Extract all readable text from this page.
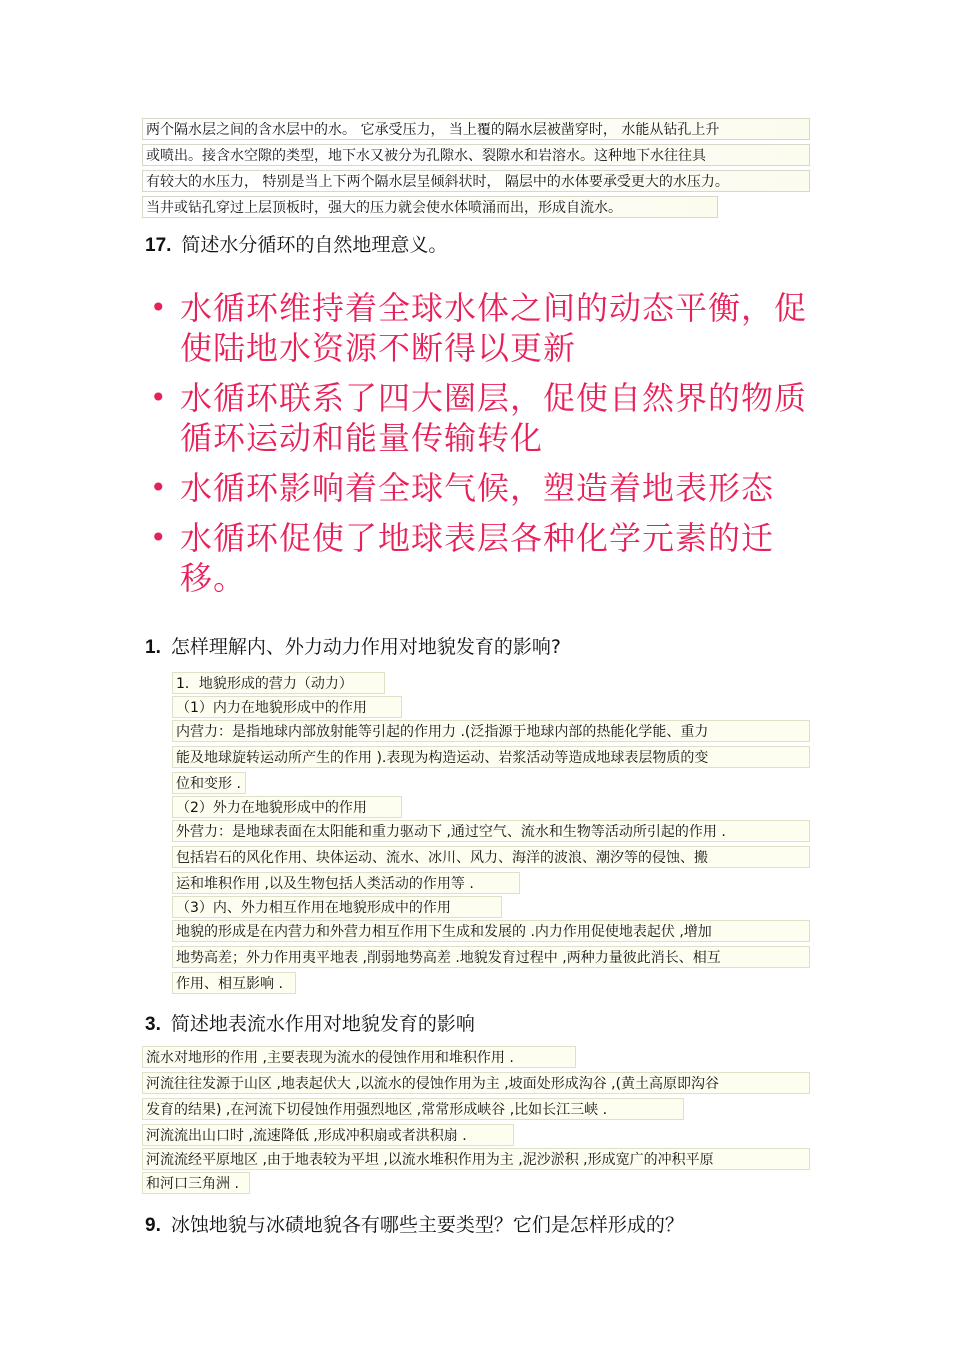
两个隔水层之间的含水层中的水。 它承受压力， 当上覆的隔水层被凿穿时， 水能从钻孔上升
或喷出。接含水空隙的类型，地下水又被分为孔隙水、裂隙水和岩溶水。这种地下水往往具
有较大的水压力， 特别是当上下两个隔水层呈倾斜状时， 隔层中的水体要承受更大的水压力。
当井或钻孔穿过上层顶板时，强大的压力就会使水体喷涌而出，形成自流水。
17. 简述水分循环的自然地理意义。
• 水循环维持着全球水体之间的动态平衡，促使陆地水资源不断得以更新
• 水循环联系了四大圈层，促使自然界的物质循环运动和能量传输转化
• 水循环影响着全球气候，塑造着地表形态
• 水循环促使了地球表层各种化学元素的迁移。
1. 怎样理解内、外力动力作用对地貌发育的影响?
1．地貌形成的营力（动力）
（1）内力在地貌形成中的作用
内营力：是指地球内部放射能等引起的作用力 .(泛指源于地球内部的热能化学能、重力
能及地球旋转运动所产生的作用 ).表现为构造运动、岩浆活动等造成地球表层物质的变
位和变形 .
（2）外力在地貌形成中的作用
外营力：是地球表面在太阳能和重力驱动下 ,通过空气、流水和生物等活动所引起的作用 .
包括岩石的风化作用、块体运动、流水、冰川、风力、海洋的波浪、潮汐等的侵蚀、搬
运和堆积作用 ,以及生物包括人类活动的作用等 .
（3）内、外力相互作用在地貌形成中的作用
地貌的形成是在内营力和外营力相互作用下生成和发展的 .内力作用促使地表起伏 ,增加
地势高差；外力作用夷平地表 ,削弱地势高差 .地貌发育过程中 ,两种力量彼此消长、相互
作用、相互影响 .
3. 简述地表流水作用对地貌发育的影响
流水对地形的作用 ,主要表现为流水的侵蚀作用和堆积作用 .
河流往往发源于山区 ,地表起伏大 ,以流水的侵蚀作用为主 ,坡面处形成沟谷 ,(黄土高原即沟谷
发育的结果) ,在河流下切侵蚀作用强烈地区 ,常常形成峡谷 ,比如长江三峡 .
河流流出山口时 ,流速降低 ,形成冲积扇或者洪积扇 .
河流流经平原地区 ,由于地表较为平坦 ,以流水堆积作用为主 ,泥沙淤积 ,形成宽广的冲积平原
和河口三角洲 .
9. 冰蚀地貌与冰碛地貌各有哪些主要类型？它们是怎样形成的？
